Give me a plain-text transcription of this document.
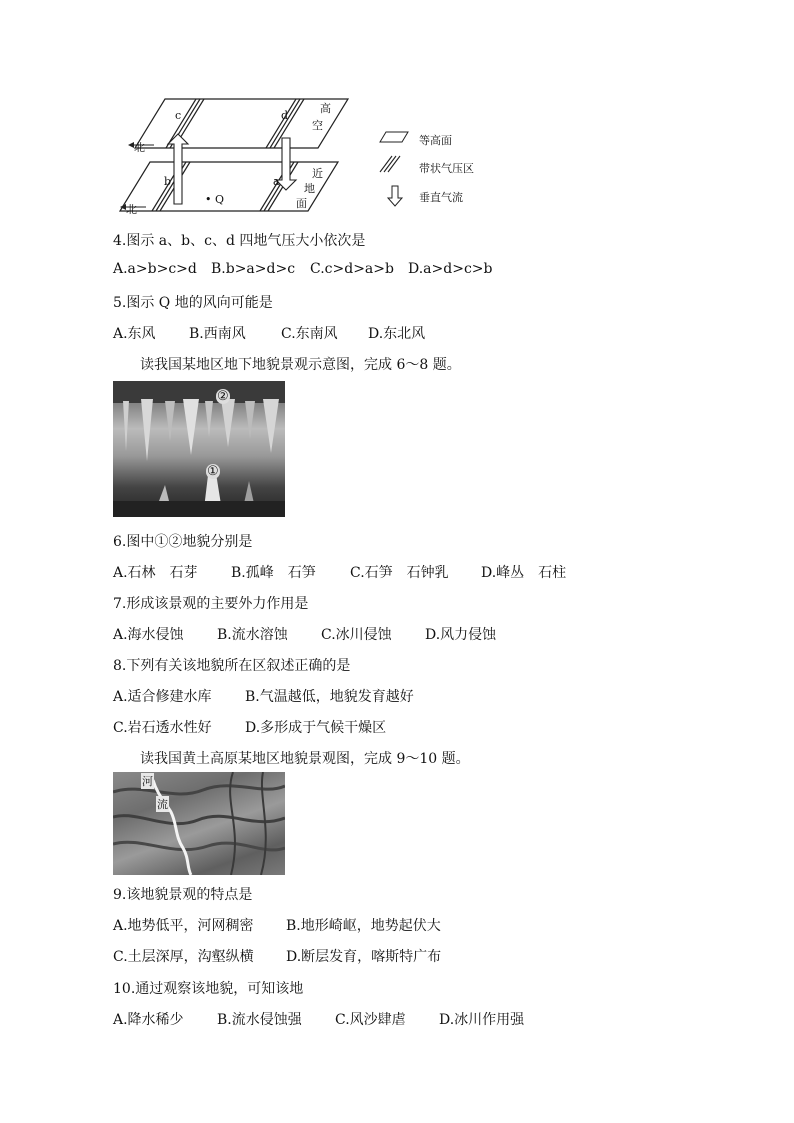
c	d
b	a
• Q
北
北
高
空
近
地
面
等高面
带状气压区
垂直气流
4.图示 a、b、c、d 四地气压大小依次是
A.a>b>c>d B.b>a>d>c C.c>d>a>b D.a>d>c>b
5.图示 Q 地的风向可能是
A.东风 B.西南风	C.东南风 D.东北风
读我国某地区地下地貌景观示意图，完成 6～8 题。
②
①
6.图中①②地貌分别是
A.石林　石芽 B.孤峰　石笋 C.石笋　石钟乳 D.峰丛　石柱
7.形成该景观的主要外力作用是
A.海水侵蚀 B.流水溶蚀 C.冰川侵蚀 D.风力侵蚀
8.下列有关该地貌所在区叙述正确的是
A.适合修建水库 B.气温越低，地貌发育越好
C.岩石透水性好 D.多形成于气候干燥区
读我国黄土高原某地区地貌景观图，完成 9～10 题。
河
流
9.该地貌景观的特点是
A.地势低平，河网稠密 B.地形崎岖，地势起伏大
C.土层深厚，沟壑纵横 D.断层发育，喀斯特广布
10.通过观察该地貌，可知该地
A.降水稀少 B.流水侵蚀强 C.风沙肆虐 D.冰川作用强
